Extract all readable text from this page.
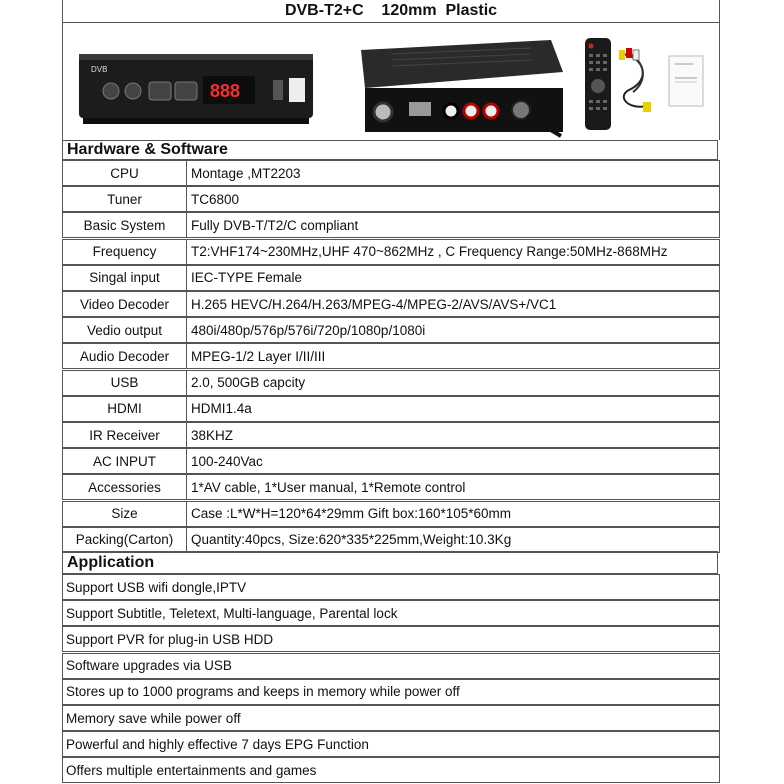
DVB-T2+C    120mm  Plastic
DVB
888
Hardware & Software
CPU	Montage ,MT2203
Tuner	TC6800
Basic System	Fully DVB-T/T2/C compliant
Frequency	T2:VHF174~230MHz,UHF 470~862MHz , C Frequency Range:50MHz-868MHz
Singal input	IEC-TYPE Female
Video Decoder	H.265 HEVC/H.264/H.263/MPEG-4/MPEG-2/AVS/AVS+/VC1
Vedio output	480i/480p/576p/576i/720p/1080p/1080i
Audio Decoder	MPEG-1/2 Layer I/II/III
USB	2.0, 500GB capcity
HDMI	HDMI1.4a
IR Receiver	38KHZ
AC INPUT	100-240Vac
Accessories	1*AV cable, 1*User manual, 1*Remote control
Size	Case :L*W*H=120*64*29mm Gift box:160*105*60mm
Packing(Carton)	Quantity:40pcs, Size:620*335*225mm,Weight:10.3Kg
Application
Support USB wifi dongle,IPTV
Support Subtitle, Teletext, Multi-language, Parental lock
Support PVR for plug-in USB HDD
Software upgrades via USB
Stores up to 1000 programs and keeps in memory while power off
Memory save while power off
Powerful and highly effective 7 days EPG Function
Offers multiple entertainments and games
